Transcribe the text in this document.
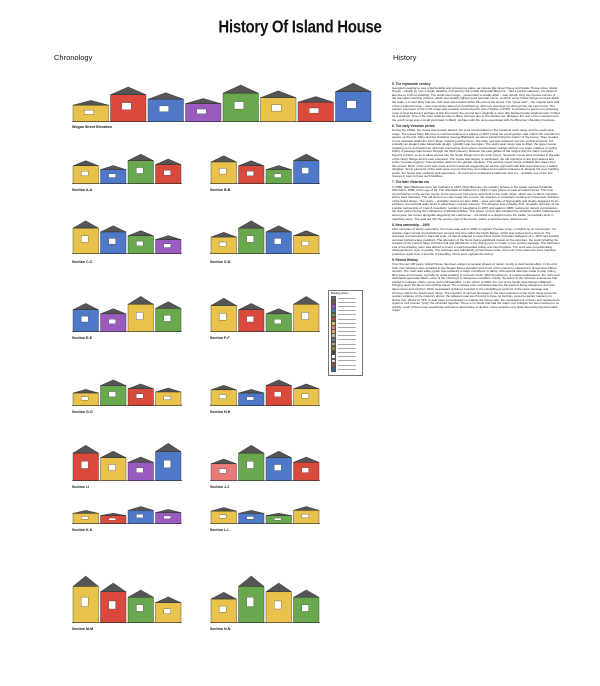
History Of Island House
Chronology	History
Wogan Street Elevation
Section A-A	Section B-B
Section C-C	Section D-D
Section E-E	Section F-F
Section G-G	Section H-H
Section I-I	Section J-J
Section K-K	Section L-L
Section M-M	Section N-N
Building phases
5. The eighteenth century

Georgian Laugharne was a fashionable and prosperous place, as houses like Great House and Castle House show. Island House – clearly by now a single dwelling, occupied by the locally influential Bloymes – had a partial makeover, the detail of last due to C18 remodelling. The south-west range – presumably a stoddy affair – was rebuilt. Only two houses survive of the Georgian rewriting scheme, which presumably lighted good parental rooms, of which some timber fixings survived within the walls. It is also likely that the main stair was located within this part of the house. The "spine wall" – the original back wall of the medieval house – was extensively altered and patched up, with new openings cut through into the new rooms. The eastern extension of the north range was possibly constructed for John Hughes (c1720). It contained a good room (drawing room or best bedroom) perhaps at first floor level; the ground floor originally a store (the blocked grade windows later in filled for a window). One of the front windows was in-filled, perhaps due to the window tax. Between the rear of the extension and the south range was a small yard (later in-filled), perhaps with the store associated with the Bloymes' chandlery business.

6. The early Victorian period

During the 1830s, the house was heavily altered, the work concentrated on the medieval north range and the south-west range. The lessee Mary Bloymes is commemorated on a plaque of 1837 inside the south garden wall, which she extended to square up the plot. Mary and her husband, George Blackpole set about transforming the interior of the house. They created a new staircase within the front range, replacing all the floors. The slate roof was replaced over the central structure, but probably an elegant slate balustrade design, typically Late Georgian. The south-west range was re-fitted, the upper rooms (drawing room and bedroom) with inter-connecting doors given curved plaster ceilings (all lost in a major collapse in spring 2020). A passage was broken through the thick masonry between the east gables of the ranges and the stairs courtyard beyond to fitted, so as to allow access into the South Range from the main house. Servants' rooms were provided in the attic of the North Range and its east extension. The house was largely re-windowed, the old openings to the front altered and pretty "wooden-regency" bow windows added to the garden elevation. The existing coach house probably also dates from this period. Much of the work was crude and ill-conceived suggesting an ad-hoc approach with little supervision by a skilled designer. Some elements of the work were so poor that they soon failed and needed replacement. Despite the poor building works, the house was evidently well-appointed – it's west turret contained a bathroom and w.c., probably one of the few houses in town to have such facilities.

7. The later Victorian era

In 1866, Mary Blackpole died, her husband in 1863. Mary Bloymes, the wealthy heiress to the estate married Frederick Winshall in 1886; at the age of 19. The Winshalls embarked on a further major phase of work at Island House. This time concentrating on the service courts, at the west end, first courts were built to the south range, which was re-fitted, complete with a back staircase. The old store room was made into a room; the insertion of a fireplace creating an impressive chamber of the fluted design. The works – probably carried out after 1863 – were generally of high quality and clearly designed by an architect; the external walls faced in attractively coursed masonry. The designer was probably S.M. Goodwin (formerly of the London partnership of Cook & Goodwin), resident in Laugharne in 1867 and again in 1880, looking for decent commissions, his main patron being W.H. Winterton of Whitland Abbey. This phase of work also included the attractive Gothic battlemented street gate, the former alongside disguising the coal house – the whole is a playful nod to the castle, yet tactfully done in matching stone. The gate led into the service yard of the house, where a well has been rediscovered.

8. New ownership – 1900

After centuries of family ownership, the house was sold in 1900 to Captain Thomas Jones, probably as an investment. Yet another major period of refurbishment ensued, this time within the North Range, which was gutted and re-floored. The staircase reconstructed in 'baronial style', its layout adapted to raised floor levels (Victorian wallpaper of c. 1875 had actually survived behind a later partition). The alteration of the floors had a significant impact on the structure: the work including the creation of the present large entrance hall and alterations to the dining room to create a new servery passage. The bathroom end of the drawing room was altered to insert a match-boarded ceiling and new fireplace. The work was not particularly distinguished in style or quality. The staircase was admittedly of impressive scale, but most of the elements were machine-produced, apart from a few bits of panelling, which were eighteenth-century.

9. Recent History

Over the last 100 years, Island House has been subject to several phases of repair, mostly to detrimental effect. In the mid-C20, new windows were installed to the Wogan Street elevation and much of the interior re-plastered in (impervious) Boral cement. The main lead valley gutter was evidently a major contributor of damp, with several attempts made to stop rotting floor joists and trusses, typically by under-building in concrete block. With the absence of regular maintenance, the roofs and trasboards generally failed, some of the chimneys in dangerous condition. Inside, the floors of the Victorian extensions had started to collapse. Many rooms were uninhabitable. In the winter of 2020, the roof of the South-west Range collapsed, bringing down the floors and ceilings below. The exposed ruins and deteriorated to the point of being dangerous and was taken down and rebuilt in 2020. Associated problems founded to the rebuilding of sections of the stone passage and chimney wall to the South-west range. The insertion of various doorways in the east extension of the north range led to the sudden collapse of the masonry above; the adjacent east porch found to have no footings, joined to earlier masonry no timber ties. Works by NHL to date have concentrated on making the house safe, the reinstatement of floors and replacement repair of roof trusses "tying" the structure together. There is no doubt that had the major roof collapse not been reacted to so quickly, much of the house would have entered a rapid phase of decline; some sections very likely becoming beyond viable repair.
